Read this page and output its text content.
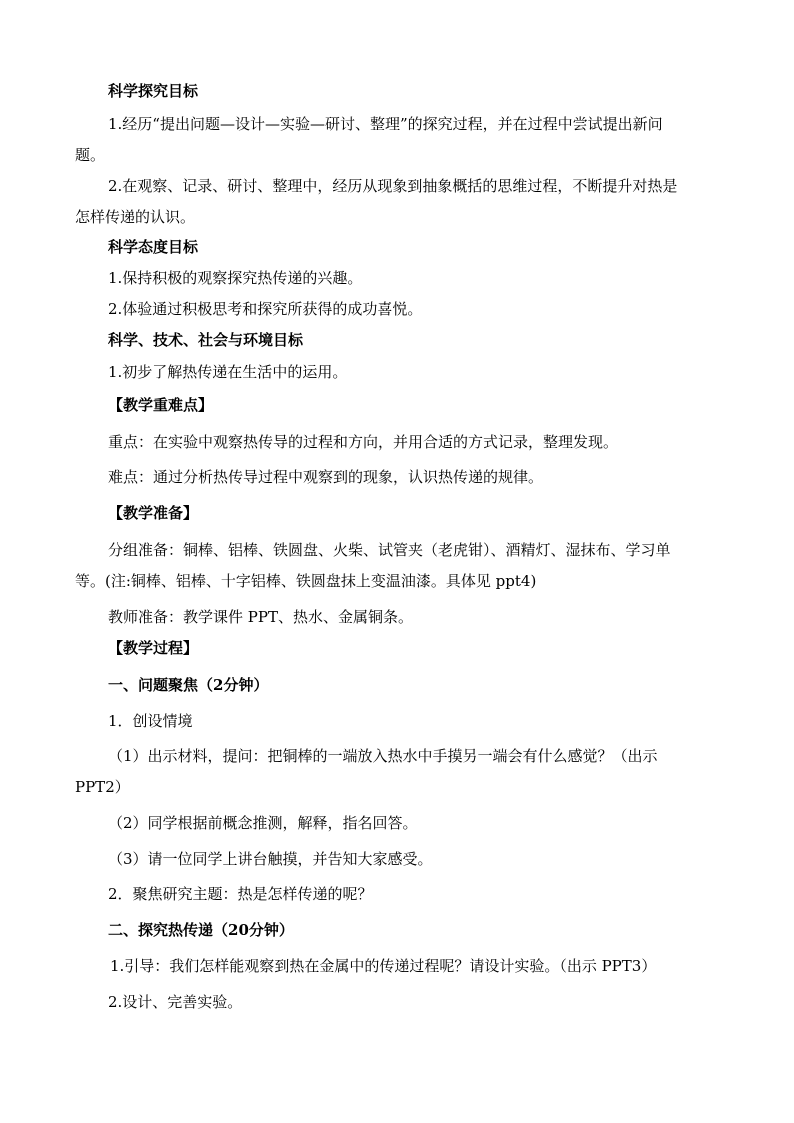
科学探究目标
1.经历“提出问题—设计—实验—研讨、整理”的探究过程，并在过程中尝试提出新问
题。
2.在观察、记录、研讨、整理中，经历从现象到抽象概括的思维过程，不断提升对热是
怎样传递的认识。
科学态度目标
1.保持积极的观察探究热传递的兴趣。
2.体验通过积极思考和探究所获得的成功喜悦。
科学、技术、社会与环境目标
1.初步了解热传递在生活中的运用。
【教学重难点】
重点：在实验中观察热传导的过程和方向，并用合适的方式记录，整理发现。
难点：通过分析热传导过程中观察到的现象，认识热传递的规律。
【教学准备】
分组准备：铜棒、铝棒、铁圆盘、火柴、试管夹（老虎钳）、酒精灯、湿抹布、学习单
等。(注:铜棒、铝棒、十字铝棒、铁圆盘抹上变温油漆。具体见 ppt4)
教师准备：教学课件 PPT、热水、金属铜条。
【教学过程】
一、问题聚焦（2分钟）
1．创设情境
（1）出示材料，提问：把铜棒的一端放入热水中手摸另一端会有什么感觉？（出示
PPT2）
（2）同学根据前概念推测，解释，指名回答。
（3）请一位同学上讲台触摸，并告知大家感受。
2．聚焦研究主题：热是怎样传递的呢？
二、探究热传递（20分钟）
1.引导：我们怎样能观察到热在金属中的传递过程呢？请设计实验。（出示 PPT3）
2.设计、完善实验。
